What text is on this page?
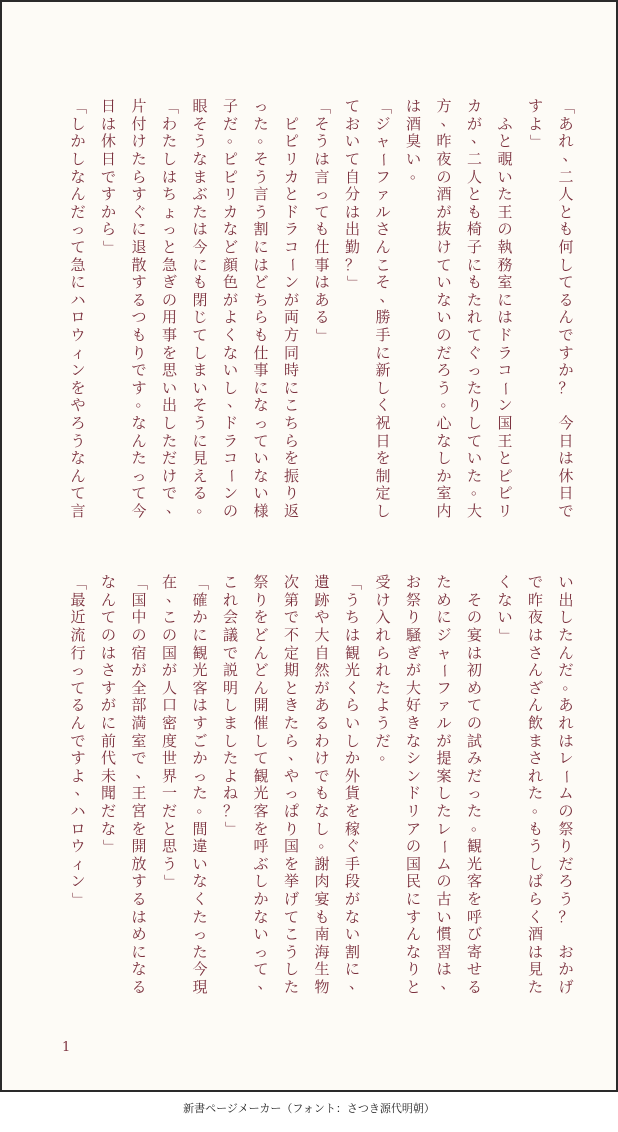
「
あ
れ
、
二
人
と
も
何
し
て
る
ん
で
す
か
？

今
日
は
休
日
で
す
よ
」

ふ
と
覗
い
た
王
の
執
務
室
に
は
ド
ラ
コ
ー
ン
国
王
と
ピ
ピ
リ
カ
が
、
二
人
と
も
椅
子
に
も
た
れ
て
ぐ
っ
た
り
し
て
い
た
。
大
方
、
昨
夜
の
酒
が
抜
け
て
い
な
い
の
だ
ろ
う
。
心
な
し
か
室
内
は
酒
臭
い
。
「
ジ
ャ
ー
フ
ァ
ル
さ
ん
こ
そ
、
勝
手
に
新
し
く
祝
日
を
制
定
し
て
お
い
て
自
分
は
出
勤
？
」
「
そ
う
は
言
っ
て
も
仕
事
は
あ
る
」

ピ
ピ
リ
カ
と
ド
ラ
コ
ー
ン
が
両
方
同
時
に
こ
ち
ら
を
振
り
返
っ
た
。
そ
う
言
う
割
に
は
ど
ち
ら
も
仕
事
に
な
っ
て
い
な
い
様
子
だ
。
ピ
ピ
リ
カ
な
ど
顔
色
が
よ
く
な
い
し
、
ド
ラ
コ
ー
ン
の
眼
そ
う
な
ま
ぶ
た
は
今
に
も
閉
じ
て
し
ま
い
そ
う
に
見
え
る
。
「
わ
た
し
は
ち
ょ
っ
と
急
ぎ
の
用
事
を
思
い
出
し
た
だ
け
で
、
片
付
け
た
ら
す
ぐ
に
退
散
す
る
つ
も
り
で
す
。
な
ん
た
っ
て
今
日
は
休
日
で
す
か
ら
」
「
し
か
し
な
ん
だ
っ
て
急
に
ハ
ロ
ウ
ィ
ン
を
や
ろ
う
な
ん
て
言
い
出
し
た
ん
だ
。
あ
れ
は
レ
ー
ム
の
祭
り
だ
ろ
う
？

お
か
げ
で
昨
夜
は
さ
ん
ざ
ん
飲
ま
さ
れ
た
。
も
う
し
ば
ら
く
酒
は
見
た
く
な
い
」

そ
の
宴
は
初
め
て
の
試
み
だ
っ
た
。
観
光
客
を
呼
び
寄
せ
る
た
め
に
ジ
ャ
ー
フ
ァ
ル
が
提
案
し
た
レ
ー
ム
の
古
い
慣
習
は
、
お
祭
り
騒
ぎ
が
大
好
き
な
シ
ン
ド
リ
ア
の
国
民
に
す
ん
な
り
と
受
け
入
れ
ら
れ
た
よ
う
だ
。
「
う
ち
は
観
光
く
ら
い
し
か
外
貨
を
稼
ぐ
手
段
が
な
い
割
に
、
遺
跡
や
大
自
然
が
あ
る
わ
け
で
も
な
し
。
謝
肉
宴
も
南
海
生
物
次
第
で
不
定
期
と
き
た
ら
、
や
っ
ぱ
り
国
を
挙
げ
て
こ
う
し
た
祭
り
を
ど
ん
ど
ん
開
催
し
て
観
光
客
を
呼
ぶ
し
か
な
い
っ
て
、
こ
れ
会
議
で
説
明
し
ま
し
た
よ
ね
？
」
「
確
か
に
観
光
客
は
す
ご
か
っ
た
。
間
違
い
な
く
た
っ
た
今
現
在
、
こ
の
国
が
人
口
密
度
世
界
一
だ
と
思
う
」
「
国
中
の
宿
が
全
部
満
室
で
、
王
宮
を
開
放
す
る
は
め
に
な
る
な
ん
て
の
は
さ
す
が
に
前
代
未
聞
だ
な
」
「
最
近
流
行
っ
て
る
ん
で
す
よ
、
ハ
ロ
ウ
ィ
ン
」
1
新書ページメーカー（フォント：さつき源代明朝）
